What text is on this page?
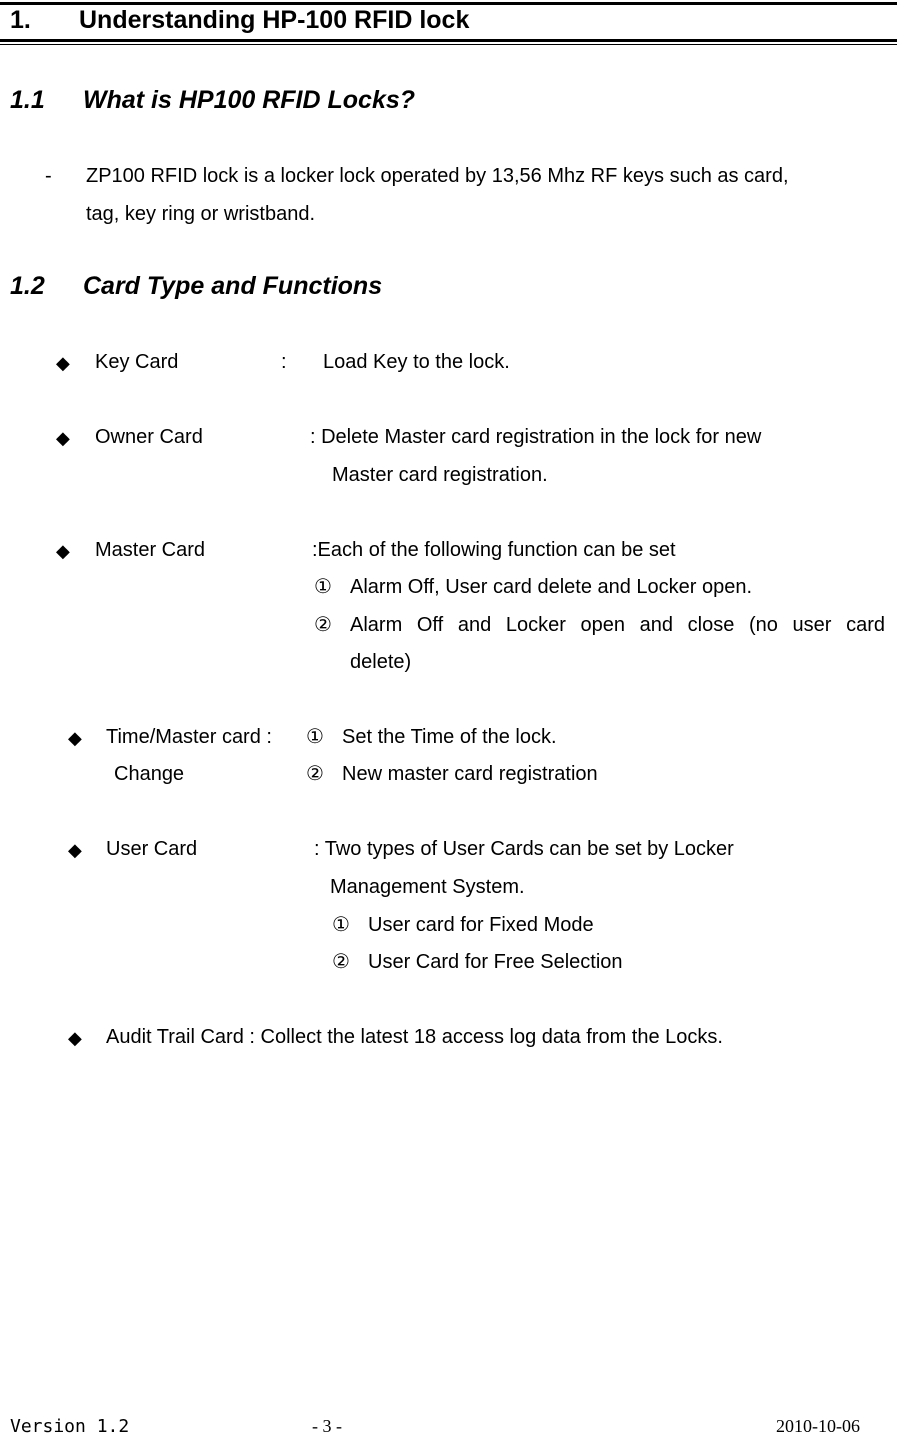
1. Understanding HP-100 RFID lock
1.1 What is HP100 RFID Locks?
- ZP100 RFID lock is a locker lock operated by 13,56 Mhz RF keys such as card,
tag, key ring or wristband.
1.2 Card Type and Functions
◆ Key Card	: Load Key to the lock.
◆ Owner Card	: Delete Master card registration in the lock for new
Master card registration.
◆ Master Card	:Each of the following function can be set
① Alarm Off, User card delete and Locker open.
② Alarm Off and Locker open and close (no user card
delete)
◆ Time/Master card :
Change
① Set the Time of the lock.
② New master card registration
◆ User Card	: Two types of User Cards can be set by Locker
Management System.
① User card for Fixed Mode
② User Card for Free Selection
◆ Audit Trail Card : Collect the latest 18 access log data from the Locks.
Version 1.2	- 3 -	2010-10-06
